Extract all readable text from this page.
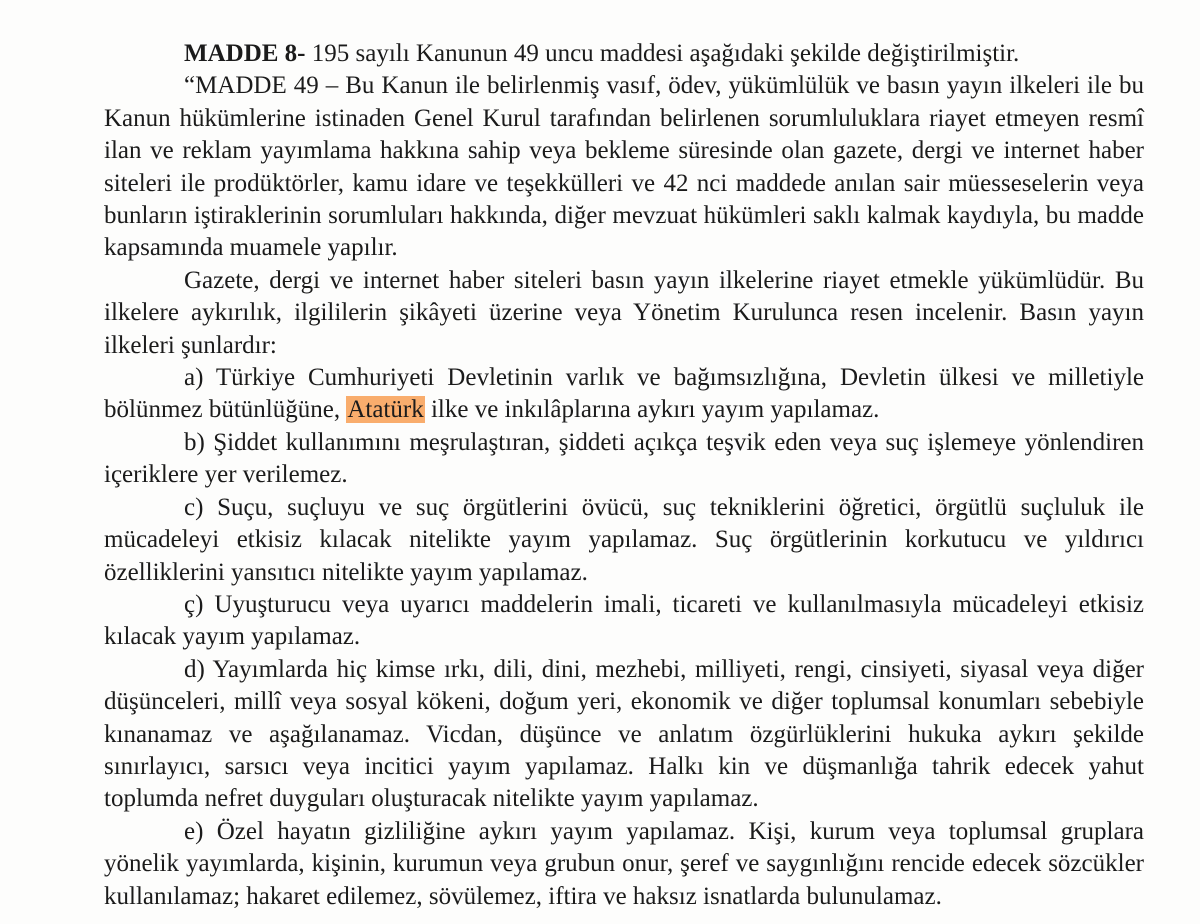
MADDE 8- 195 sayılı Kanunun 49 uncu maddesi aşağıdaki şekilde değiştirilmiştir.

“MADDE 49 – Bu Kanun ile belirlenmiş vasıf, ödev, yükümlülük ve basın yayın ilkeleri ile bu Kanun hükümlerine istinaden Genel Kurul tarafından belirlenen sorumluluklara riayet etmeyen resmî ilan ve reklam yayımlama hakkına sahip veya bekleme süresinde olan gazete, dergi ve internet haber siteleri ile prodüktörler, kamu idare ve teşekkülleri ve 42 nci maddede anılan sair müesseselerin veya bunların iştiraklerinin sorumluları hakkında, diğer mevzuat hükümleri saklı kalmak kaydıyla, bu madde kapsamında muamele yapılır.

Gazete, dergi ve internet haber siteleri basın yayın ilkelerine riayet etmekle yükümlüdür. Bu ilkelere aykırılık, ilgililerin şikâyeti üzerine veya Yönetim Kurulunca resen incelenir. Basın yayın ilkeleri şunlardır:

a) Türkiye Cumhuriyeti Devletinin varlık ve bağımsızlığına, Devletin ülkesi ve milletiyle bölünmez bütünlüğüne, Atatürk ilke ve inkılâplarına aykırı yayım yapılamaz.

b) Şiddet kullanımını meşrulaştıran, şiddeti açıkça teşvik eden veya suç işlemeye yönlendiren içeriklere yer verilemez.

c) Suçu, suçluyu ve suç örgütlerini övücü, suç tekniklerini öğretici, örgütlü suçluluk ile mücadeleyi etkisiz kılacak nitelikte yayım yapılamaz. Suç örgütlerinin korkutucu ve yıldırıcı özelliklerini yansıtıcı nitelikte yayım yapılamaz.

ç) Uyuşturucu veya uyarıcı maddelerin imali, ticareti ve kullanılmasıyla mücadeleyi etkisiz kılacak yayım yapılamaz.

d) Yayımlarda hiç kimse ırkı, dili, dini, mezhebi, milliyeti, rengi, cinsiyeti, siyasal veya diğer düşünceleri, millî veya sosyal kökeni, doğum yeri, ekonomik ve diğer toplumsal konumları sebebiyle kınanamaz ve aşağılanamaz. Vicdan, düşünce ve anlatım özgürlüklerini hukuka aykırı şekilde sınırlayıcı, sarsıcı veya incitici yayım yapılamaz. Halkı kin ve düşmanlığa tahrik edecek yahut toplumda nefret duyguları oluşturacak nitelikte yayım yapılamaz.

e) Özel hayatın gizliliğine aykırı yayım yapılamaz. Kişi, kurum veya toplumsal gruplara yönelik yayımlarda, kişinin, kurumun veya grubun onur, şeref ve saygınlığını rencide edecek sözcükler kullanılamaz; hakaret edilemez, sövülemez, iftira ve haksız isnatlarda bulunulamaz.
